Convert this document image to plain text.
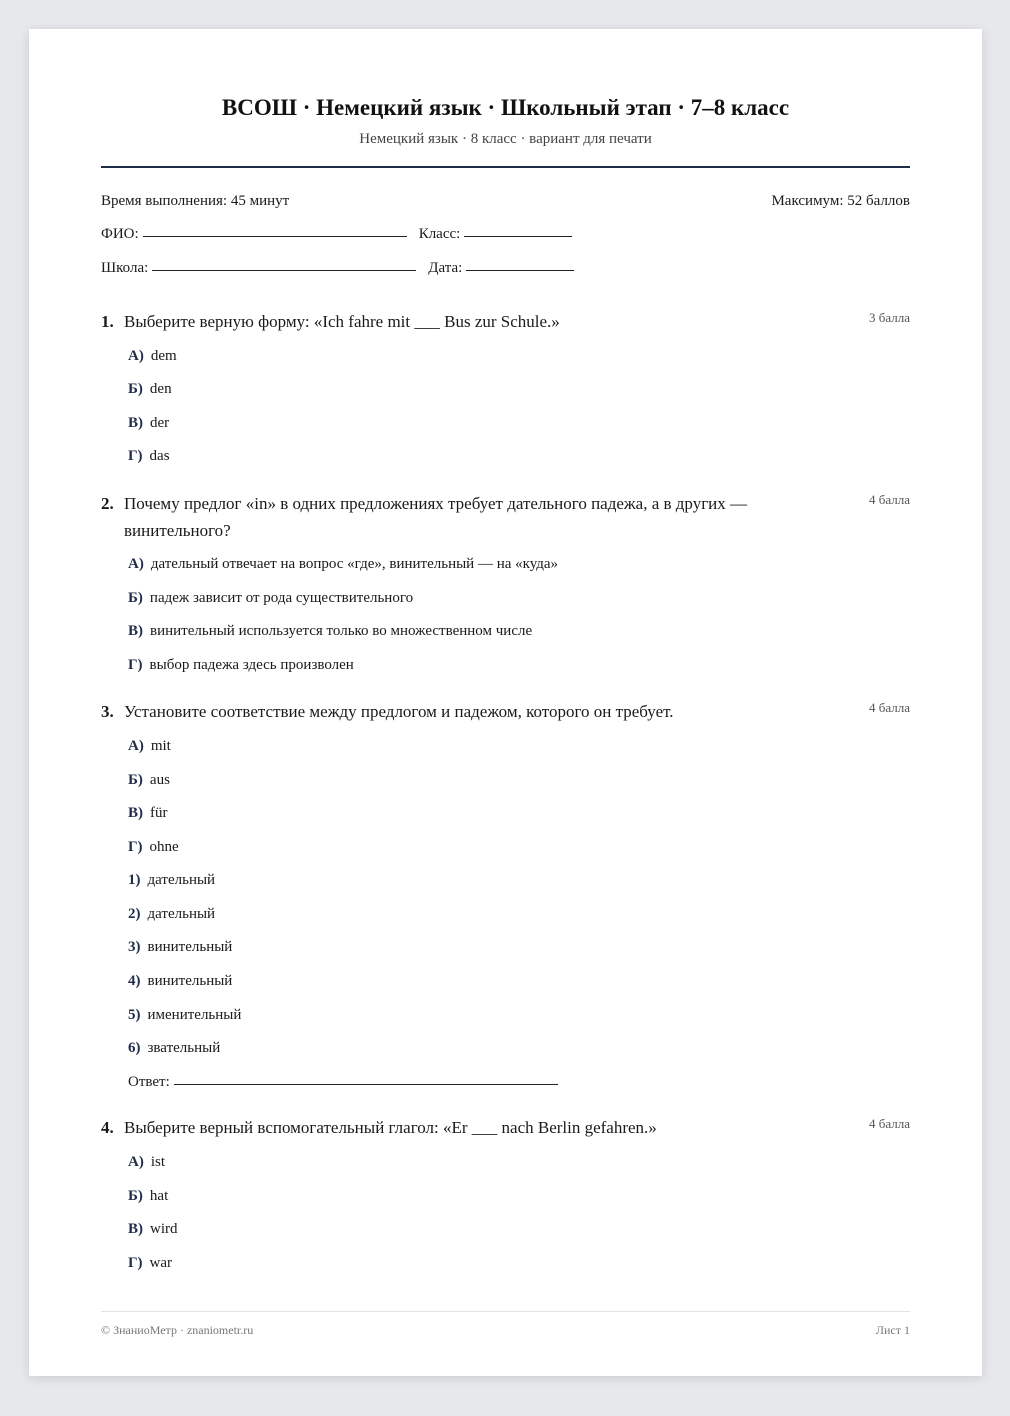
ВСОШ · Немецкий язык · Школьный этап · 7–8 класс
Немецкий язык · 8 класс · вариант для печати
Время выполнения: 45 минут	Максимум: 52 баллов
ФИО:	Класс:
Школа:	Дата:
1. Выберите верную форму: «Ich fahre mit ___ Bus zur Schule.»	3 балла
А) dem
Б) den
В) der
Г) das
2. Почему предлог «in» в одних предложениях требует дательного падежа, а в других — винительного?
4 балла
А) дательный отвечает на вопрос «где», винительный — на «куда»
Б) падеж зависит от рода существительного
В) винительный используется только во множественном числе
Г) выбор падежа здесь произволен
3. Установите соответствие между предлогом и падежом, которого он требует.	4 балла
А) mit
Б) aus
В) für
Г) ohne
1) дательный
2) дательный
3) винительный
4) винительный
5) именительный
6) звательный
Ответ:
4. Выберите верный вспомогательный глагол: «Er ___ nach Berlin gefahren.»	4 балла
А) ist
Б) hat
В) wird
Г) war
© ЗнаниоМетр · znaniometr.ru	Лист 1
